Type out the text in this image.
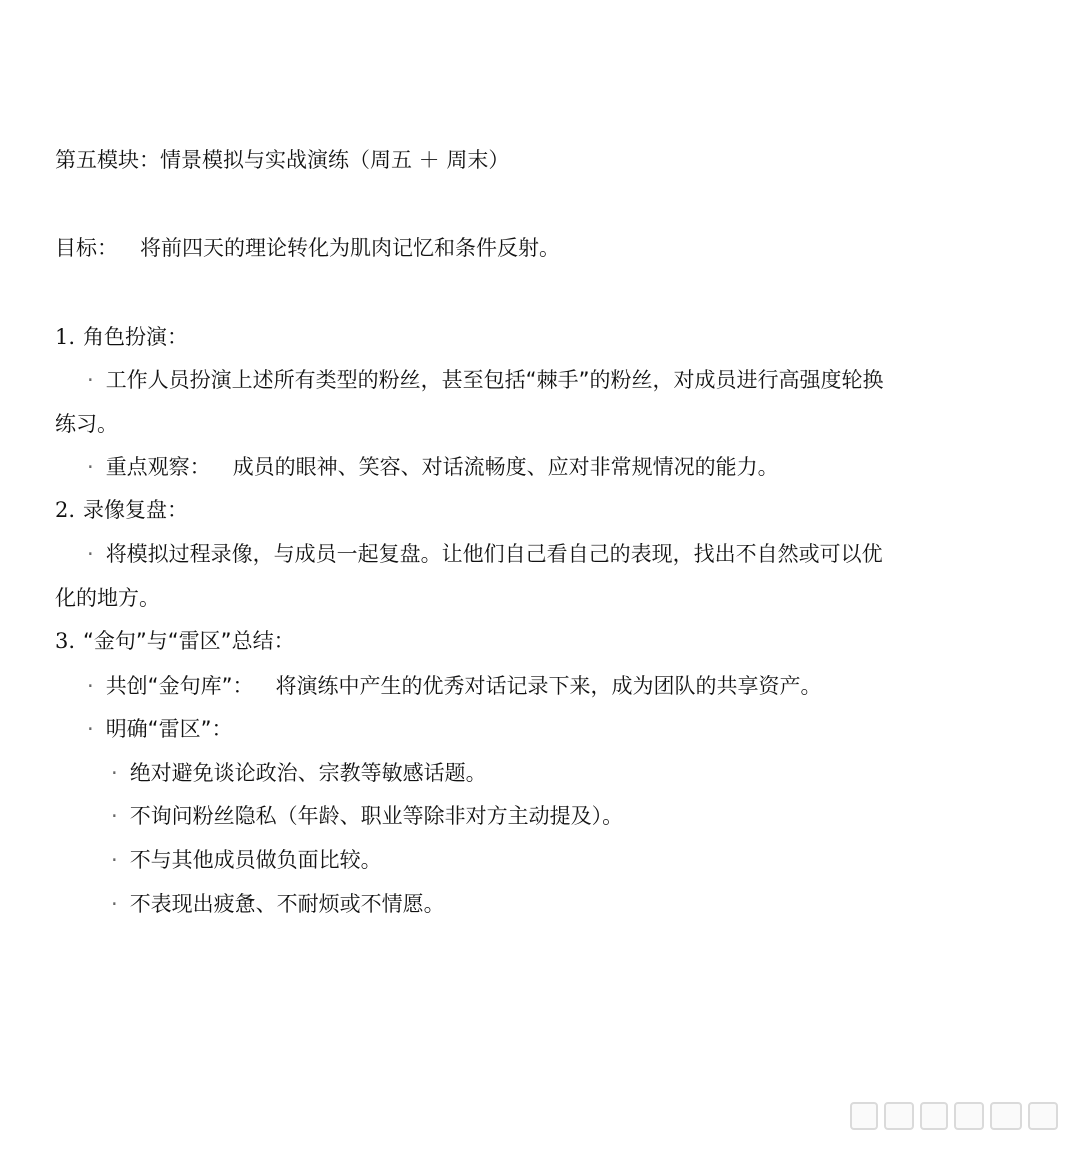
第五模块：情景模拟与实战演练（周五 ＋ 周末）
目标： 将前四天的理论转化为肌肉记忆和条件反射。
1. 角色扮演：
· 工作人员扮演上述所有类型的粉丝，甚至包括“棘手”的粉丝，对成员进行高强度轮换
练习。
· 重点观察： 成员的眼神、笑容、对话流畅度、应对非常规情况的能力。
2. 录像复盘：
· 将模拟过程录像，与成员一起复盘。让他们自己看自己的表现，找出不自然或可以优
化的地方。
3. “金句”与“雷区”总结：
· 共创“金句库”： 将演练中产生的优秀对话记录下来，成为团队的共享资产。
· 明确“雷区”：
· 绝对避免谈论政治、宗教等敏感话题。
· 不询问粉丝隐私（年龄、职业等除非对方主动提及）。
· 不与其他成员做负面比较。
· 不表现出疲惫、不耐烦或不情愿。
